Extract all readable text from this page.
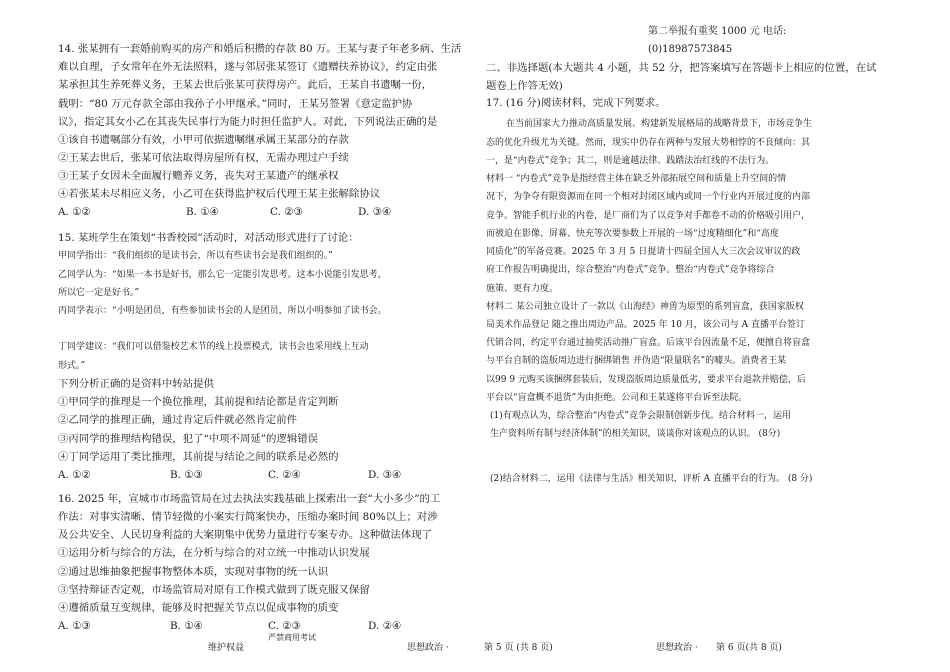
14. 张某拥有一套婚前购买的房产和婚后积攒的存款 80 万。王某与妻子年老多病、生活
难以自理，子女常年在外无法照料，遂与邻居张某签订《遗赠扶养协议》，约定由张
某承担其生养死葬义务，王某去世后张某可获得房产。此后，王某自书遗嘱一份，
载明：“80 万元存款全部由我孙子小甲继承。”同时，王某另签署《意定监护协
议》，指定其女小乙在其丧失民事行为能力时担任监护人。对此，下列说法正确的是
①该自书遗嘱部分有效，小甲可依据遗嘱继承属王某部分的存款
②王某去世后，张某可依法取得房屋所有权，无需办理过户手续
③王某子女因未全面履行赡养义务，丧失对王某遗产的继承权
④若张某未尽相应义务，小乙可在获得监护权后代理王某主张解除协议
A. ①②	B. ①④	C. ②③	D. ③④
15. 某班学生在策划“书香校园”活动时，对活动形式进行了讨论：
甲同学指出：“我们组织的是读书会，所以有些读书会是我们组织的。”
乙同学认为：“如果一本书是好书，那么它一定能引发思考。这本小说能引发思考，
所以它一定是好书。”
丙同学表示：“小明是团员，有些参加读书会的人是团员，所以小明参加了读书会。
丁同学建议：“我们可以借鉴校艺术节的线上投票模式，读书会也采用线上互动
形式。”
下列分析正确的是资料中转站提供
①甲同学的推理是一个换位推理，其前提和结论都是肯定判断
②乙同学的推理正确，通过肯定后件就必然肯定前件
③丙同学的推理结构错误，犯了“中项不周延”的逻辑错误
④丁同学运用了类比推理，其前提与结论之间的联系是必然的
A. ①②	B. ①③	C. ②④	D. ③④
16. 2025 年，宣城市市场监管局在过去执法实践基础上探索出一套“大小多少”的工
作法：对事实清晰、情节轻微的小案实行简案快办，压缩办案时间 80%以上；对涉
及公共安全、人民切身利益的大案期集中优势力量进行专案专办。这种做法体现了
①运用分析与综合的方法，在分析与综合的对立统一中推动认识发展
②通过思维抽象把握事物整体本质，实现对事物的统一认识
③坚持辩证否定观，市场监管局对原有工作模式做到了既克服又保留
④遵循质量互变规律，能够及时把握关节点以促成事物的质变
A. ①③	B. ①④	C. ②③	D. ②④
维护权益
严禁商用考试
思想政治 ·
第二举报有重奖 1000 元 电话:
(0)18987573845
二、非选择题(本大题共 4 小题，共 52 分，把答案填写在答题卡上相应的位置，在试
题卷上作答无效)
17. (16 分)阅读材料，完成下列要求。
在当前国家大力推动高质量发展、构建新发展格局的战略背景下，市场竞争生
态的优化升级尤为关键。然而，现实中仍存在两种与发展大势相悖的不良倾向：其
一，是“内卷式”竞争；其二，则是逾越法律、践踏法治红线的不法行为。
材料一 “内卷式”竞争是指经营主体在缺乏外部拓展空间和质量上升空间的情
况下，为争夺有限资源而在同一个相对封闭区域内或同一个行业内开展过度的内部
竞争。智能手机行业的内卷，是厂商们为了以竞争对手都卷不动的价格吸引用户，
而被迫在影像、屏幕、快充等次要参数上开展的一场“过度精细化”和“高度
同质化”的军备竞赛。2025 年 3 月 5 日提请十四届全国人大三次会议审议的政
府工作报告明确提出，综合整治“内卷式”竞争。整治“内卷式”竞争将综合
施策、更有力度。
材料二 某公司独立设计了一款以《山海经》神兽为原型的系列盲盒，获国家版权
局美术作品登记 随之推出周边产品。2025 年 10 月，该公司与 A 直播平台签订
代销合同，约定平台通过抽奖活动推广盲盒。后该平台因流量不足，便擅自将盲盒
与平台自制的盗版周边进行捆绑销售 并伪造“限量联名”的噱头。消费者王某
以99 9 元购买该捆绑套装后，发现盗版周边质量低劣，要求平台退款并赔偿，后
平台以“盲盒概不退货”为由拒绝。公司和王某遂将平台诉至法院。
(1)有观点认为，综合整治“内卷式”竞争会限制创新步伐。结合材料一，运用
生产资料所有制与经济体制”的相关知识，谈谈你对该观点的认识。 (8分)
(2)结合材料二，运用《法律与生活》相关知识，评析 A 直播平台的行为。 (8 分)
第 5 页 (共 8 页)	思想政治 · 第 6 页(共 8 页)
